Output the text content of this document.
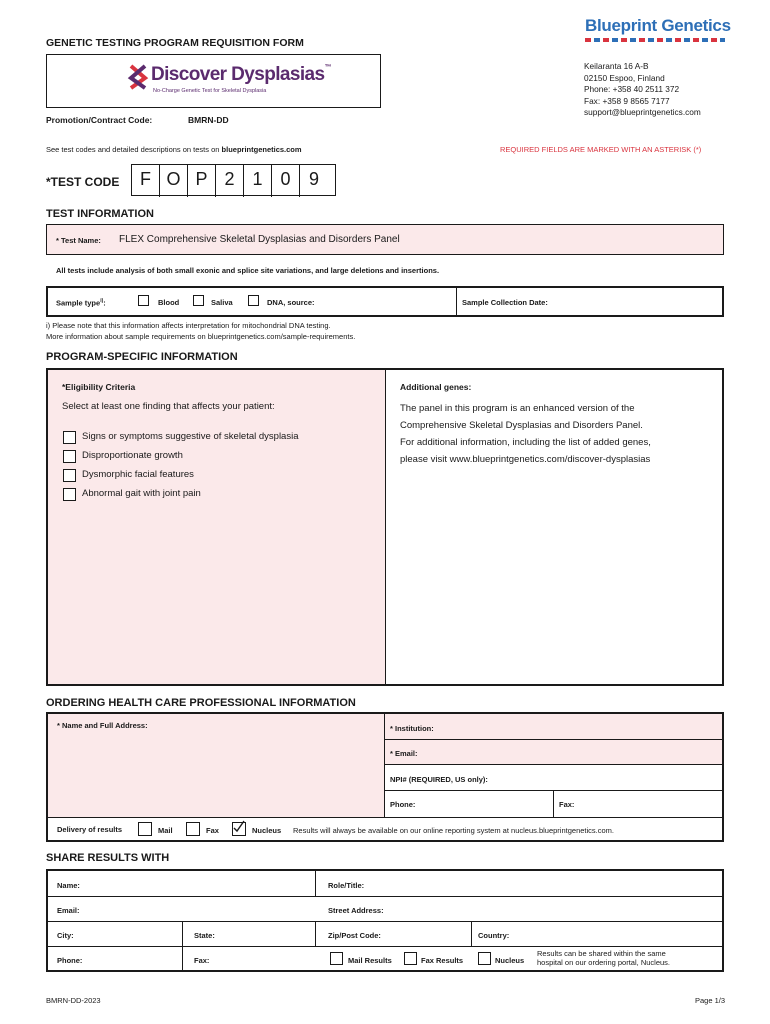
GENETIC TESTING PROGRAM REQUISITION FORM
Blueprint Genetics
Keilaranta 16 A-B
02150 Espoo, Finland
Phone: +358 40 2511 372
Fax: +358 9 8565 7177
support@blueprintgenetics.com
Discover Dysplasias™
No-Charge Genetic Test for Skeletal Dysplasia
Promotion/Contract Code:	BMRN-DD
See test codes and detailed descriptions on tests on blueprintgenetics.com	REQUIRED FIELDS ARE MARKED WITH AN ASTERISK (*)
*TEST CODE	F O P 2 1 0	9
TEST INFORMATION
* Test Name: FLEX Comprehensive Skeletal Dysplasias and Disorders Panel
All tests include analysis of both small exonic and splice site variations, and large deletions and insertions.
Sample type$^{i)}$:	Blood	Saliva	DNA, source:	Sample Collection Date:
i) Please note that this information affects interpretation for mitochondrial DNA testing.
More information about sample requirements on blueprintgenetics.com/sample-requirements.
PROGRAM-SPECIFIC INFORMATION
*Eligibility Criteria
Select at least one finding that affects your patient:
Signs or symptoms suggestive of skeletal dysplasia
Disproportionate growth
Dysmorphic facial features
Abnormal gait with joint pain
Additional genes:
The panel in this program is an enhanced version of the
Comprehensive Skeletal Dysplasias and Disorders Panel.
For additional information, including the list of added genes,
please visit www.blueprintgenetics.com/discover-dysplasias
ORDERING HEALTH CARE PROFESSIONAL INFORMATION
* Name and Full Address:	* Institution:
* Email:
NPI# (REQUIRED, US only):
Phone:	Fax:
Delivery of results	Mail	Fax	Nucleus Results will always be available on our online reporting system at nucleus.blueprintgenetics.com.
SHARE RESULTS WITH
Name:	Role/Title:
Email:	Street Address:
City:	State:	Zip/Post Code:	Country:
Phone:	Fax:	Mail Results	Fax Results	Nucleus
Results can be shared within the same
hospital on our ordering portal, Nucleus.
BMRN-DD-2023	Page 1/3
